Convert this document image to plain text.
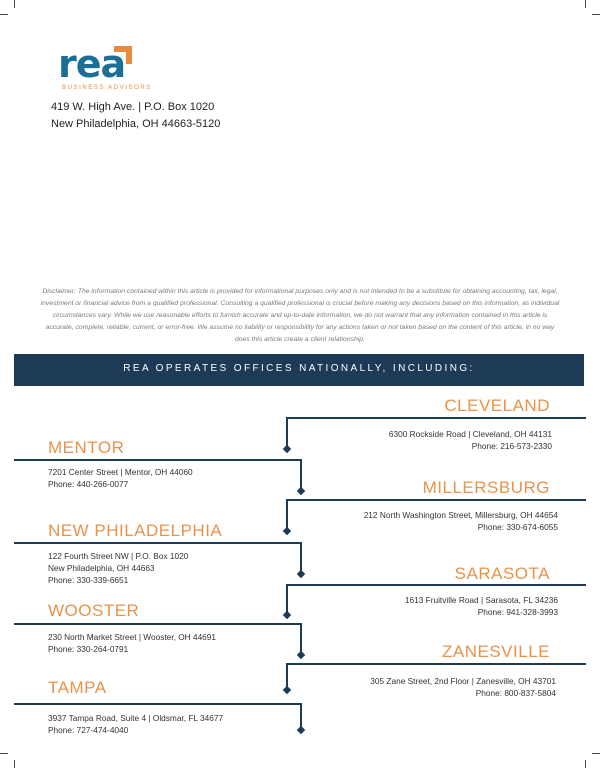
rea
BUSINESS ADVISORS
419 W. High Ave. | P.O. Box 1020
New Philadelphia, OH 44663-5120
Disclaimer: The information contained within this article is provided for informational purposes only and is not intended to be a substitute for obtaining accounting, tax, legal, investment or financial advice from a qualified professional. Consulting a qualified professional is crucial before making any decisions based on this information, as individual circumstances vary. While we use reasonable efforts to furnish accurate and up-to-date information, we do not warrant that any information contained in this article is accurate, complete, reliable, current, or error-free. We assume no liability or responsibility for any actions taken or not taken based on the content of this article, in no way does this article create a client relationship.
REA OPERATES OFFICES NATIONALLY, INCLUDING:
CLEVELAND
6300 Rockside Road | Cleveland, OH 44131
Phone: 216-573-2330
MENTOR
7201 Center Street | Mentor, OH 44060
Phone: 440-266-0077	MILLERSBURG
212 North Washington Street, Millersburg, OH 44654
Phone: 330-674-6055
NEW PHILADELPHIA
122 Fourth Street NW | P.O. Box 1020
New Philadelphia, OH 44663
Phone: 330-339-6651	SARASOTA
1613 Fruitville Road | Sarasota, FL 34236
Phone: 941-328-3993
WOOSTER
230 North Market Street | Wooster, OH 44691
Phone: 330-264-0791	ZANESVILLE
305 Zane Street, 2nd Floor | Zanesville, OH 43701
Phone: 800-837-5804
TAMPA
3937 Tampa Road, Suite 4 | Oldsmar, FL 34677
Phone: 727-474-4040
